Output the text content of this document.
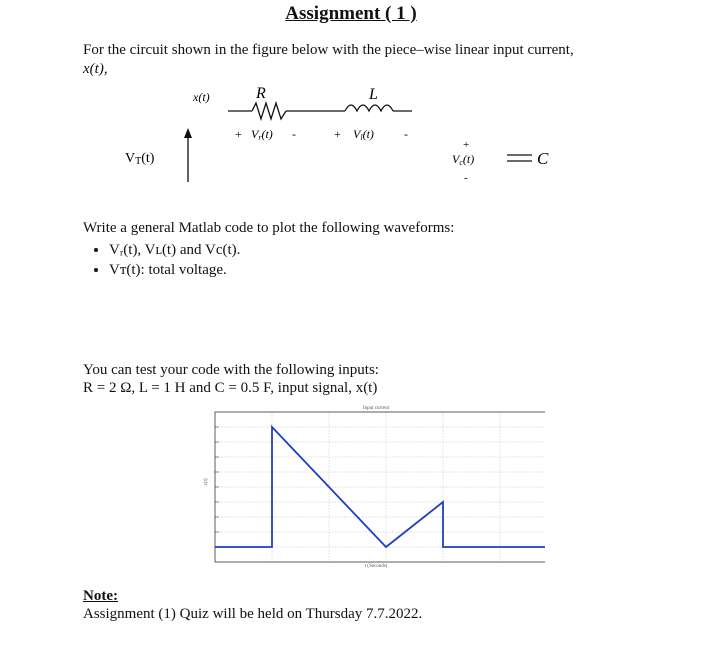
Assignment ( 1 )
For the circuit shown in the figure below with the piece–wise linear input current,
x(t),
x(t)	R	L
+ Vr(t) -	+ Vl(t)	-
+
Vc(t)
-
C
VT(t)
Write a general Matlab code to plot the following waveforms:
• Vᵣ(t), Vʟ(t) and Vc(t).
• Vᴛ(t): total voltage.
You can test your code with the following inputs:
R = 2 Ω, L = 1 H and C = 0.5 F, input signal, x(t)
Input current
x(t)
t (Seconds)
Note:
Assignment (1) Quiz will be held on Thursday 7.7.2022.
